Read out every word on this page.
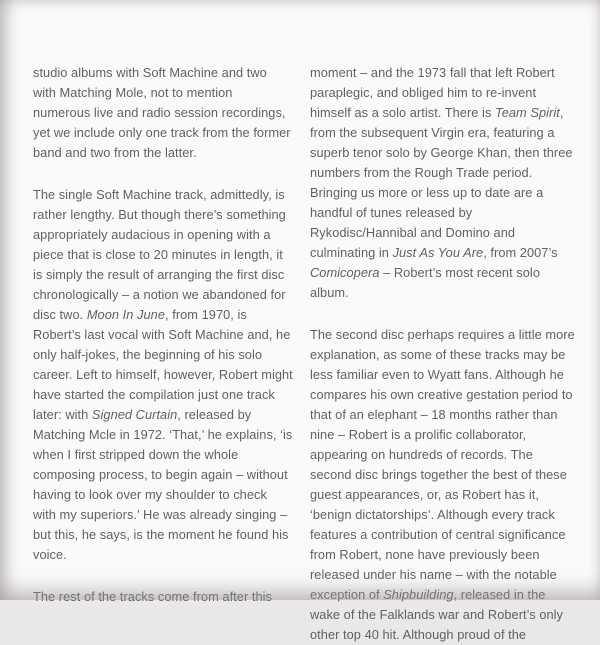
studio albums with Soft Machine and two with Matching Mole, not to mention numerous live and radio session recordings, yet we include only one track from the former band and two from the latter.

The single Soft Machine track, admittedly, is rather lengthy. But though there’s something appropriately audacious in opening with a piece that is close to 20 minutes in length, it is simply the result of arranging the first disc chronologically – a notion we abandoned for disc two. Moon In June, from 1970, is Robert’s last vocal with Soft Machine and, he only half-jokes, the beginning of his solo career. Left to himself, however, Robert might have started the compilation just one track later: with Signed Curtain, released by Matching Mcle in 1972. ‘That,’ he explains, ‘is when I first stripped down the whole composing process, to begin again – without having to look over my shoulder to check with my superiors.’ He was already singing – but this, he says, is the moment he found his voice.

The rest of the tracks come from after this

moment – and the 1973 fall that left Robert paraplegic, and obliged him to re-invent himself as a solo artist. There is Team Spirit, from the subsequent Virgin era, featuring a superb tenor solo by George Khan, then three numbers from the Rough Trade period. Bringing us more or less up to date are a handful of tunes released by Rykodisc/Hannibal and Domino and culminating in Just As You Are, from 2007’s Comicopera – Robert’s most recent solo album.

The second disc perhaps requires a little more explanation, as some of these tracks may be less familiar even to Wyatt fans. Although he compares his own creative gestation period to that of an elephant – 18 months rather than nine – Robert is a prolific collaborator, appearing on hundreds of records. The second disc brings together the best of these guest appearances, or, as Robert has it, ‘benign dictatorships’. Although every track features a contribution of central significance from Robert, none have previously been released under his name – with the notable exception of Shipbuilding, released in the wake of the Falklands war and Robert’s only other top 40 hit. Although proud of the
